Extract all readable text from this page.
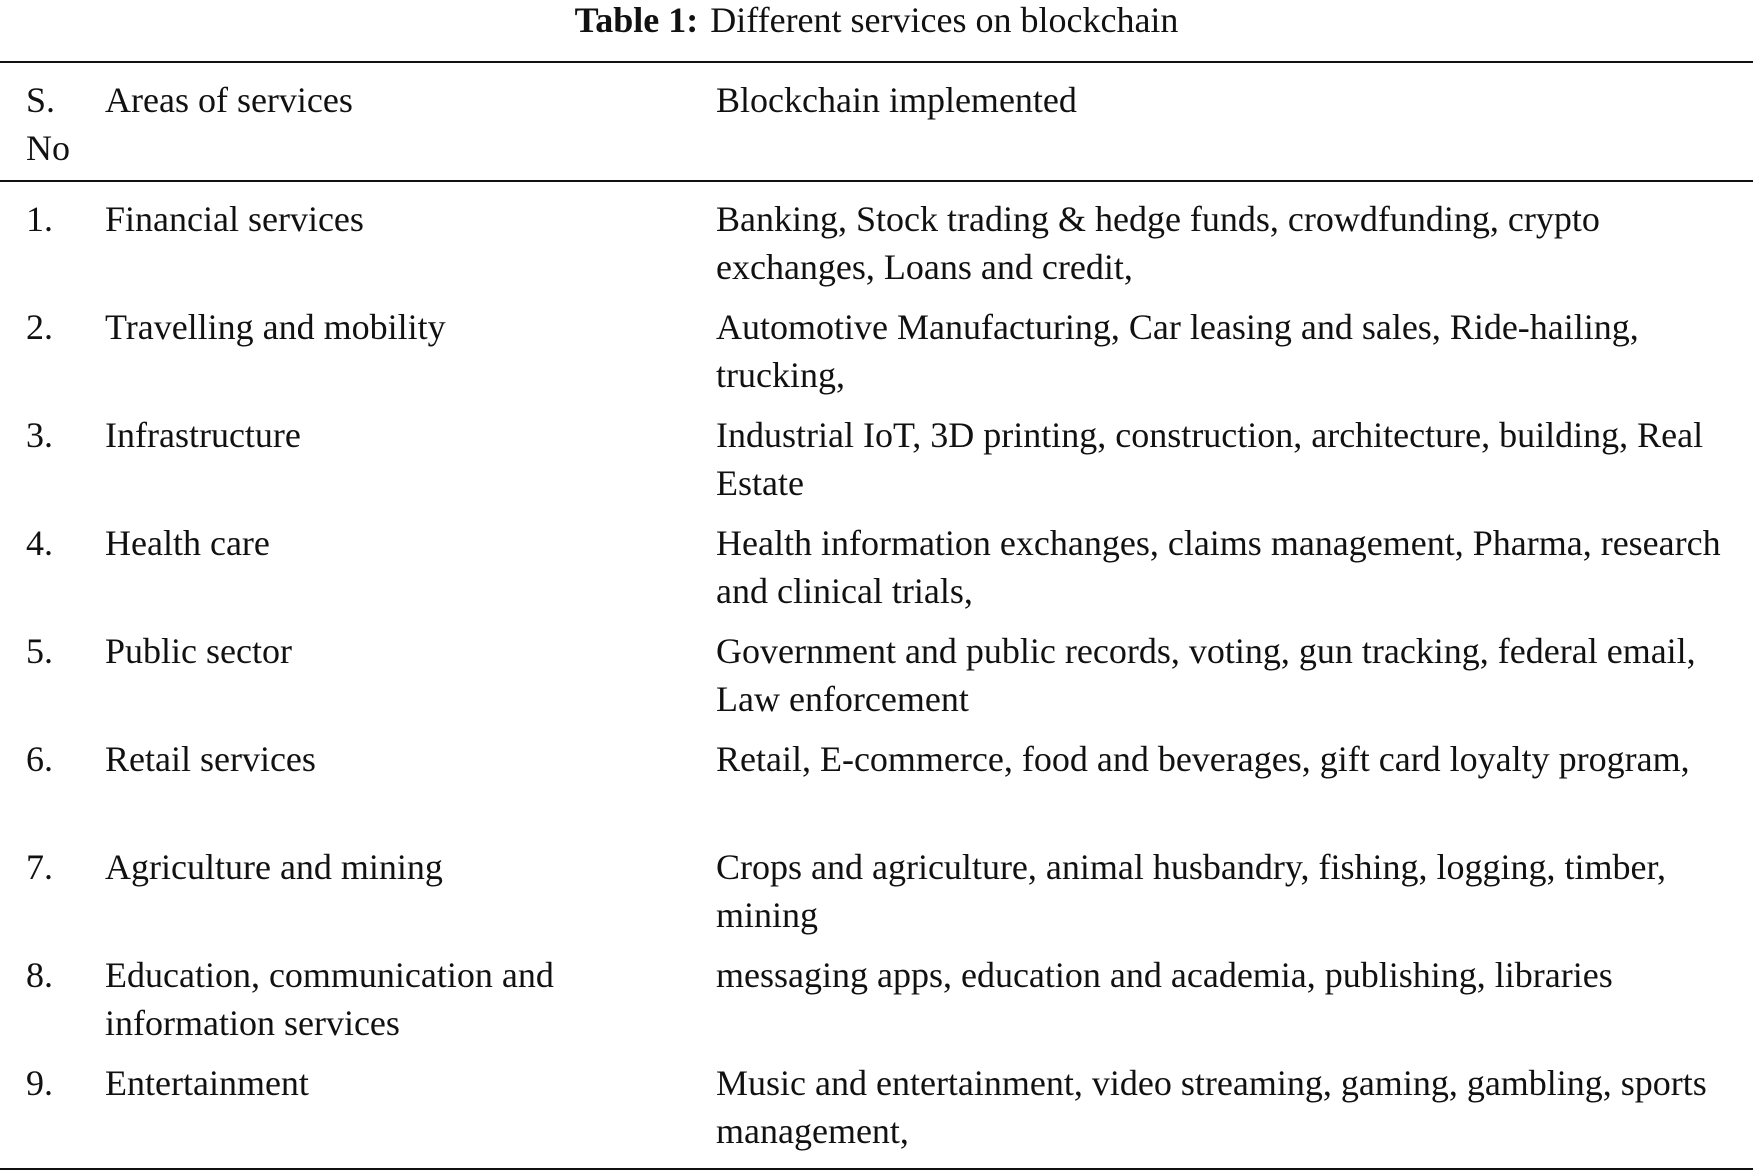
Table 1: Different services on blockchain
S. No	Areas of services	Blockchain implemented
1.	Financial services	Banking, Stock trading & hedge funds, crowdfunding, crypto exchanges, Loans and credit,
2.	Travelling and mobility	Automotive Manufacturing, Car leasing and sales, Ride-hailing, trucking,
3.	Infrastructure	Industrial IoT, 3D printing, construction, architecture, building, Real Estate
4.	Health care	Health information exchanges, claims management, Pharma, research and clinical trials,
5.	Public sector	Government and public records, voting, gun tracking, federal email, Law enforcement
6.	Retail services	Retail, E-commerce, food and beverages, gift card loyalty program,
7.	Agriculture and mining	Crops and agriculture, animal husbandry, fishing, logging, timber, mining
8.	Education, communication and information services	messaging apps, education and academia, publishing, libraries
9.	Entertainment	Music and entertainment, video streaming, gaming, gambling, sports management,
